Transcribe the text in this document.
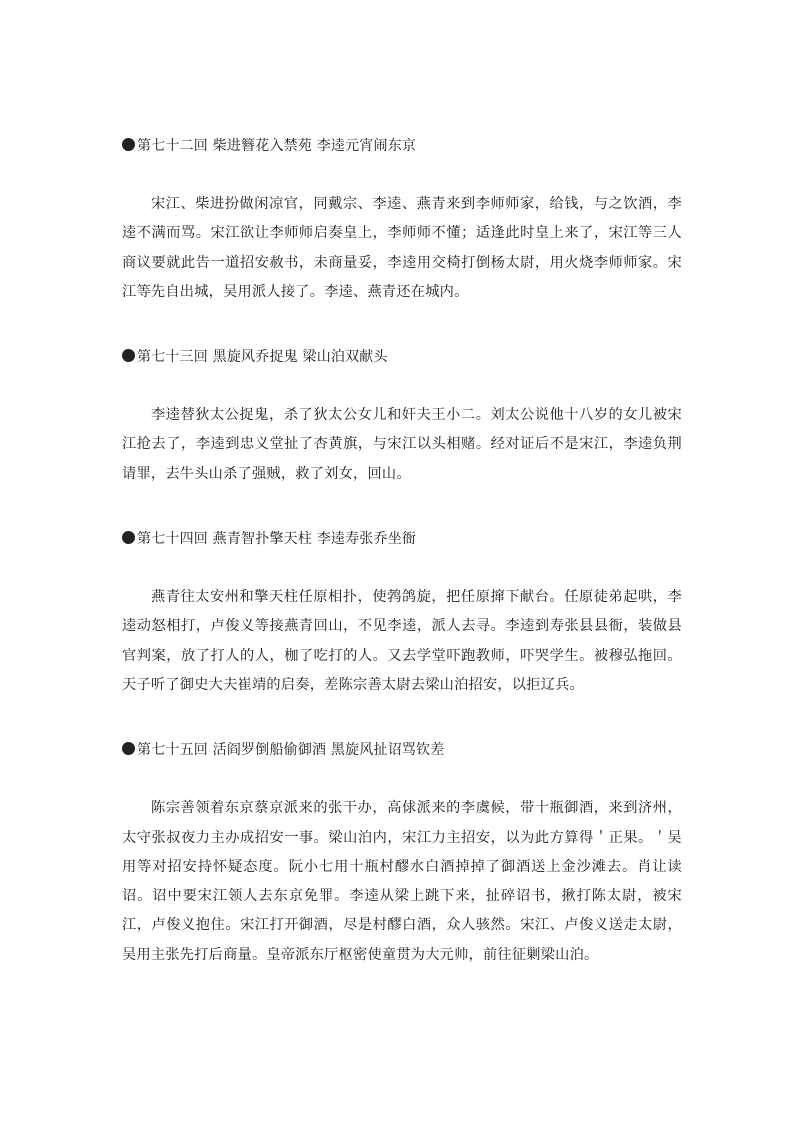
第七十二回 柴进簪花入禁苑 李逵元宵闹东京

宋江、柴进扮做闲凉官，同戴宗、李逵、燕青来到李师师家，给钱，与之饮酒，李逵不满而骂。宋江欲让李师师启奏皇上，李师师不懂；适逢此时皇上来了，宋江等三人商议要就此告一道招安赦书，未商量妥，李逵用交椅打倒杨太尉，用火烧李师师家。宋江等先自出城，吴用派人接了。李逵、燕青还在城内。

第七十三回 黑旋风乔捉鬼 梁山泊双献头

李逵替狄太公捉鬼，杀了狄太公女儿和奸夫王小二。刘太公说他十八岁的女儿被宋江抢去了，李逵到忠义堂扯了杏黄旗，与宋江以头相赌。经对证后不是宋江，李逵负荆请罪，去牛头山杀了强贼，救了刘女，回山。

第七十四回 燕青智扑擎天柱 李逵寿张乔坐衙

燕青往太安州和擎天柱任原相扑，使鹁鸽旋，把任原撺下献台。任原徒弟起哄，李逵动怒相打，卢俊义等接燕青回山，不见李逵，派人去寻。李逵到寿张县县衙，装做县官判案，放了打人的人，枷了吃打的人。又去学堂吓跑教师，吓哭学生。被穆弘拖回。天子听了御史大夫崔靖的启奏，差陈宗善太尉去梁山泊招安，以拒辽兵。

第七十五回 活阎罗倒船偷御酒 黑旋风扯诏骂钦差

陈宗善领着东京蔡京派来的张干办，高俅派来的李虞候，带十瓶御酒，来到济州，太守张叔夜力主办成招安一事。梁山泊内，宋江力主招安，以为此方算得＇正果。＇吴用等对招安持怀疑态度。阮小七用十瓶村醪水白酒掉掉了御酒送上金沙滩去。肖让读诏。诏中要宋江领人去东京免罪。李逵从梁上跳下来，扯碎诏书，揪打陈太尉，被宋江，卢俊义抱住。宋江打开御酒，尽是村醪白酒，众人骇然。宋江、卢俊义送走太尉，吴用主张先打后商量。皇帝派东厅枢密使童贯为大元帅，前往征剿梁山泊。
